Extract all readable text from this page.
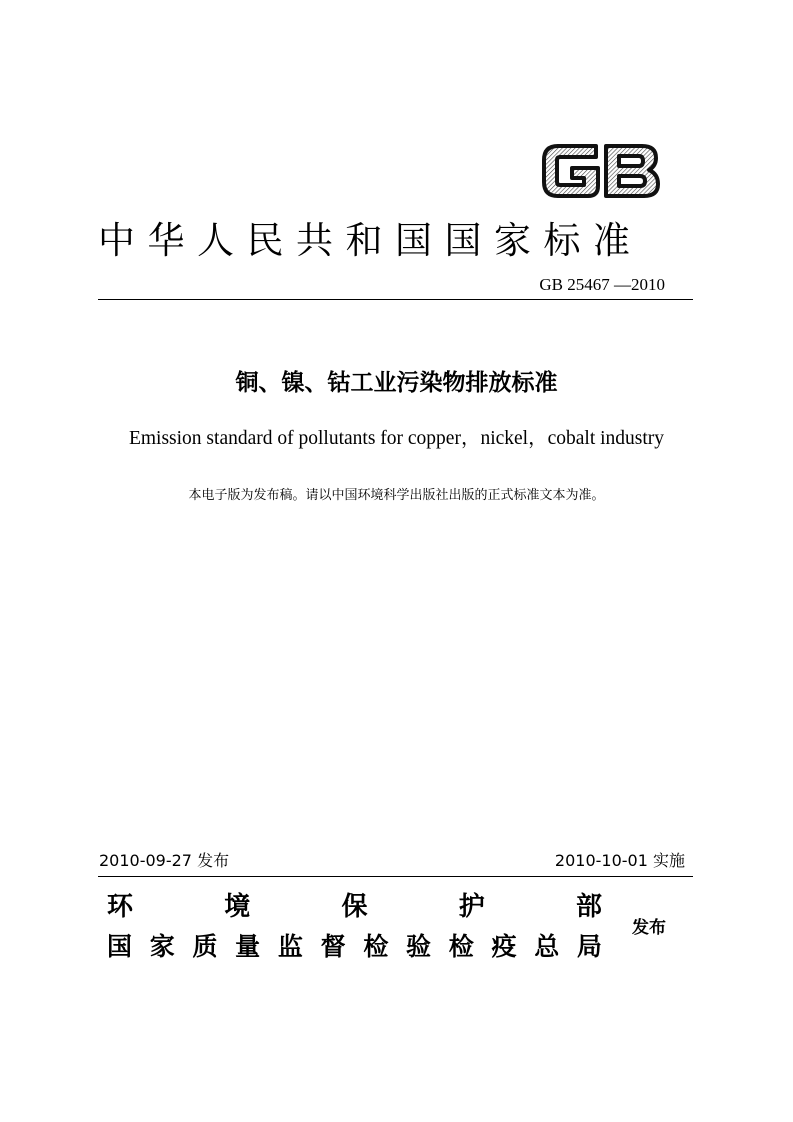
中华人民共和国国家标准
GB 25467 —2010
铜、镍、钴工业污染物排放标准
Emission standard of pollutants for copper，nickel，cobalt industry
本电子版为发布稿。请以中国环境科学出版社出版的正式标准文本为准。
2010-09-27 发布	2010-10-01 实施
环	境	保	护	部
国 家 质 量 监 督 检 验 检 疫 总 局
发布
